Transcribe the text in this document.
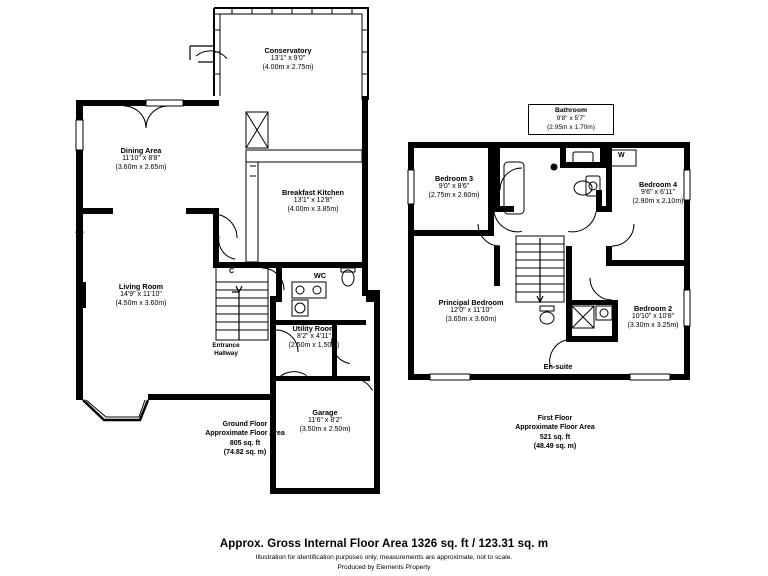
Conservatory
13'1" x 9'0"
(4.00m x 2.75m)
Dining Area
11'10" x 8'8"
(3.60m x 2.65m)
Breakfast Kitchen
13'1" x 12'8"
(4.00m x 3.85m)
Living Room
14'9" x 11'10"
(4.50m x 3.60m)
WC
Utility Room
8'2" x 4'11"
(2.50m x 1.50m)
Entrance
Hallway
Garage
11'6" x 8'2"
(3.50m x 2.50m)
C
Ground Floor
Approximate Floor Area
805 sq. ft
(74.82 sq. m)
Bathroom
9'8" x 5'7"
(2.95m x 1.70m)
Bedroom 3
9'0" x 8'6"
(2.75m x 2.60m)
Bedroom 4
9'6" x 6'11"
(2.90m x 2.10m)
Principal Bedroom
12'0" x 11'10"
(3.65m x 3.60m)
Bedroom 2
10'10" x 10'8"
(3.30m x 3.25m)
En-suite
W
First Floor
Approximate Floor Area
521 sq. ft
(48.49 sq. m)
Approx. Gross Internal Floor Area 1326 sq. ft / 123.31 sq. m
Illustration for identification purposes only, measurements are approximate, not to scale.
Produced by Elements Property
